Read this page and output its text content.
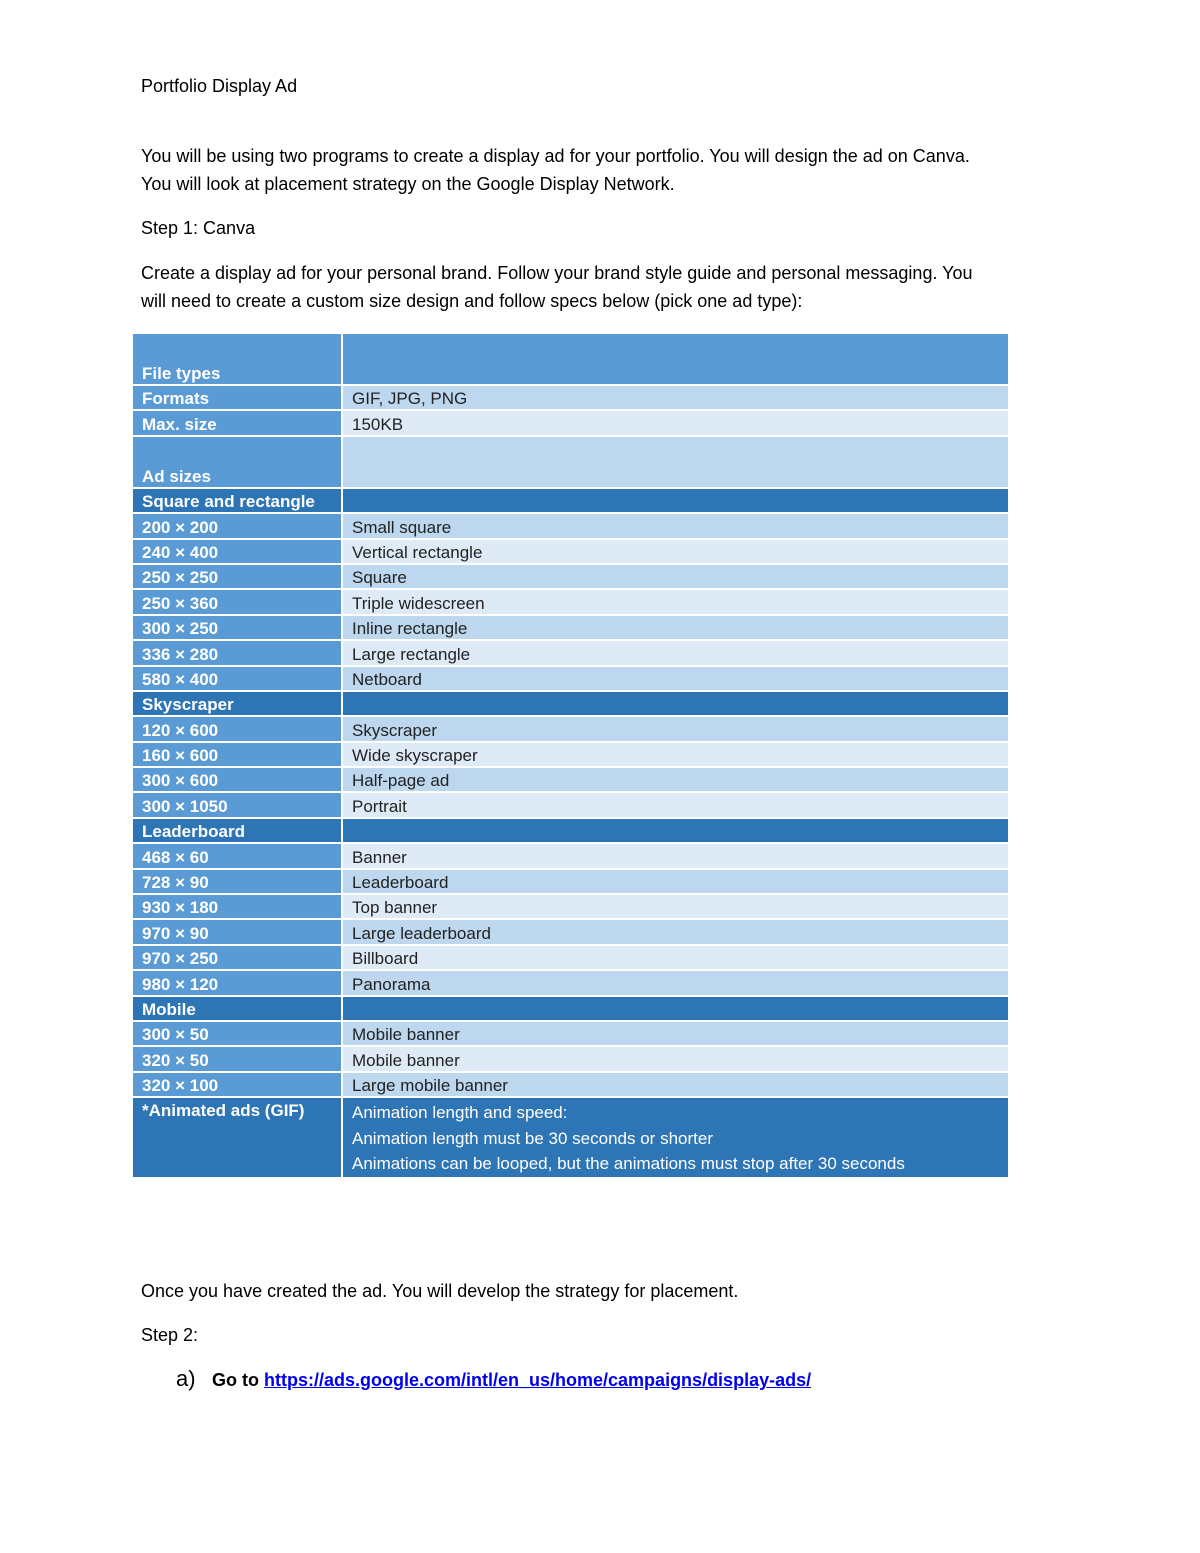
Portfolio Display Ad

You will be using two programs to create a display ad for your portfolio. You will design the ad on Canva.

You will look at placement strategy on the Google Display Network.

Step 1: Canva

Create a display ad for your personal brand. Follow your brand style guide and personal messaging. You

will need to create a custom size design and follow specs below (pick one ad type):

File types	
Formats	GIF, JPG, PNG
Max. size	150KB
Ad sizes	
Square and rectangle	
200 × 200	Small square
240 × 400	Vertical rectangle
250 × 250	Square
250 × 360	Triple widescreen
300 × 250	Inline rectangle
336 × 280	Large rectangle
580 × 400	Netboard
Skyscraper	
120 × 600	Skyscraper
160 × 600	Wide skyscraper
300 × 600	Half-page ad
300 × 1050	Portrait
Leaderboard	
468 × 60	Banner
728 × 90	Leaderboard
930 × 180	Top banner
970 × 90	Large leaderboard
970 × 250	Billboard
980 × 120	Panorama
Mobile	
300 × 50	Mobile banner
320 × 50	Mobile banner
320 × 100	Large mobile banner
*Animated ads (GIF)	Animation length and speed:
Animation length must be 30 seconds or shorter
Animations can be looped, but the animations must stop after 30 seconds

Once you have created the ad. You will develop the strategy for placement.

Step 2:

a) Go to https://ads.google.com/intl/en_us/home/campaigns/display-ads/
